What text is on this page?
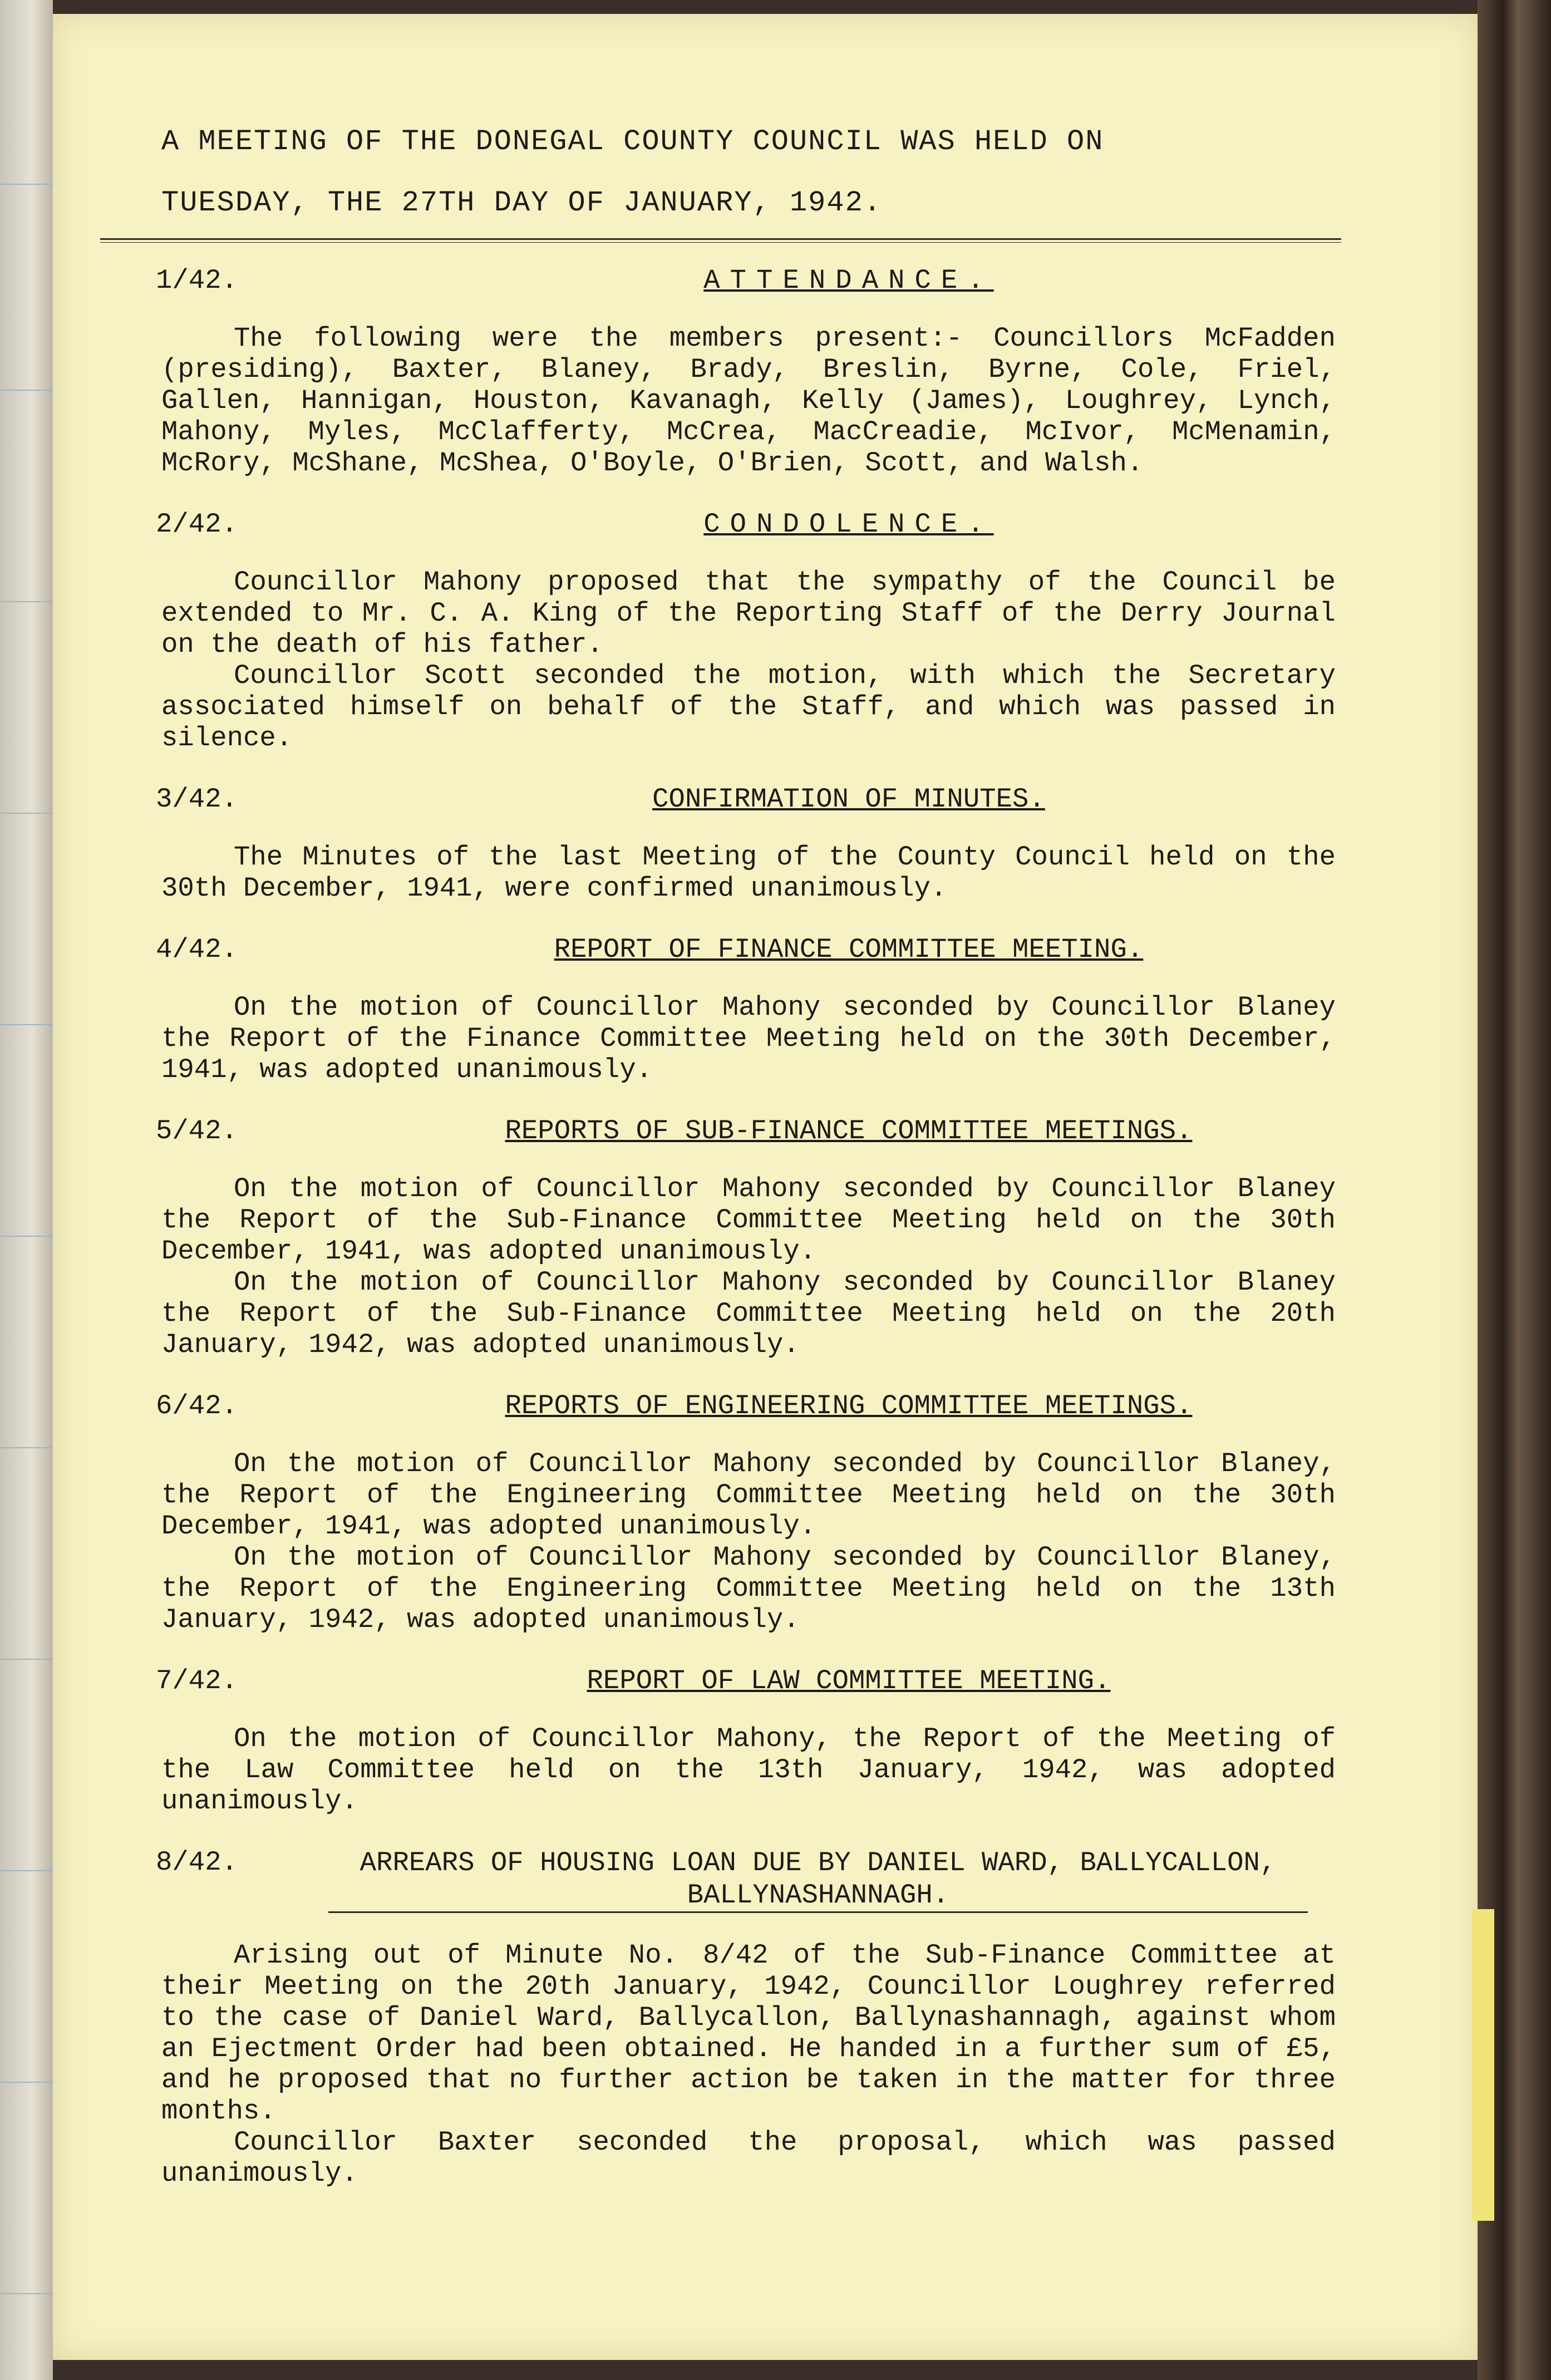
A MEETING OF THE DONEGAL COUNTY COUNCIL WAS HELD ON

TUESDAY, THE 27TH DAY OF JANUARY, 1942.

1/42.	ATTENDANCE.

The following were the members present:- Councillors McFadden (presiding), Baxter, Blaney, Brady, Breslin, Byrne, Cole, Friel, Gallen, Hannigan, Houston, Kavanagh, Kelly (James), Loughrey, Lynch, Mahony, Myles, McClafferty, McCrea, MacCreadie, McIvor, McMenamin, McRory, McShane, McShea, O'Boyle, O'Brien, Scott, and Walsh.

2/42.	CONDOLENCE.

Councillor Mahony proposed that the sympathy of the Council be extended to Mr. C. A. King of the Reporting Staff of the Derry Journal on the death of his father.

Councillor Scott seconded the motion, with which the Secretary associated himself on behalf of the Staff, and which was passed in silence.

3/42.	CONFIRMATION OF MINUTES.

The Minutes of the last Meeting of the County Council held on the 30th December, 1941, were confirmed unanimously.

4/42.	REPORT OF FINANCE COMMITTEE MEETING.

On the motion of Councillor Mahony seconded by Councillor Blaney the Report of the Finance Committee Meeting held on the 30th December, 1941, was adopted unanimously.

5/42.	REPORTS OF SUB-FINANCE COMMITTEE MEETINGS.

On the motion of Councillor Mahony seconded by Councillor Blaney the Report of the Sub-Finance Committee Meeting held on the 30th December, 1941, was adopted unanimously.

On the motion of Councillor Mahony seconded by Councillor Blaney the Report of the Sub-Finance Committee Meeting held on the 20th January, 1942, was adopted unanimously.

6/42.	REPORTS OF ENGINEERING COMMITTEE MEETINGS.

On the motion of Councillor Mahony seconded by Councillor Blaney, the Report of the Engineering Committee Meeting held on the 30th December, 1941, was adopted unanimously.

On the motion of Councillor Mahony seconded by Councillor Blaney, the Report of the Engineering Committee Meeting held on the 13th January, 1942, was adopted unanimously.

7/42.	REPORT OF LAW COMMITTEE MEETING.

On the motion of Councillor Mahony, the Report of the Meeting of the Law Committee held on the 13th January, 1942, was adopted unanimously.

8/42.	ARREARS OF HOUSING LOAN DUE BY DANIEL WARD, BALLYCALLON, BALLYNASHANNAGH.

Arising out of Minute No. 8/42 of the Sub-Finance Committee at their Meeting on the 20th January, 1942, Councillor Loughrey referred to the case of Daniel Ward, Ballycallon, Ballynashannagh, against whom an Ejectment Order had been obtained. He handed in a further sum of £5, and he proposed that no further action be taken in the matter for three months.

Councillor Baxter seconded the proposal, which was passed unanimously.
